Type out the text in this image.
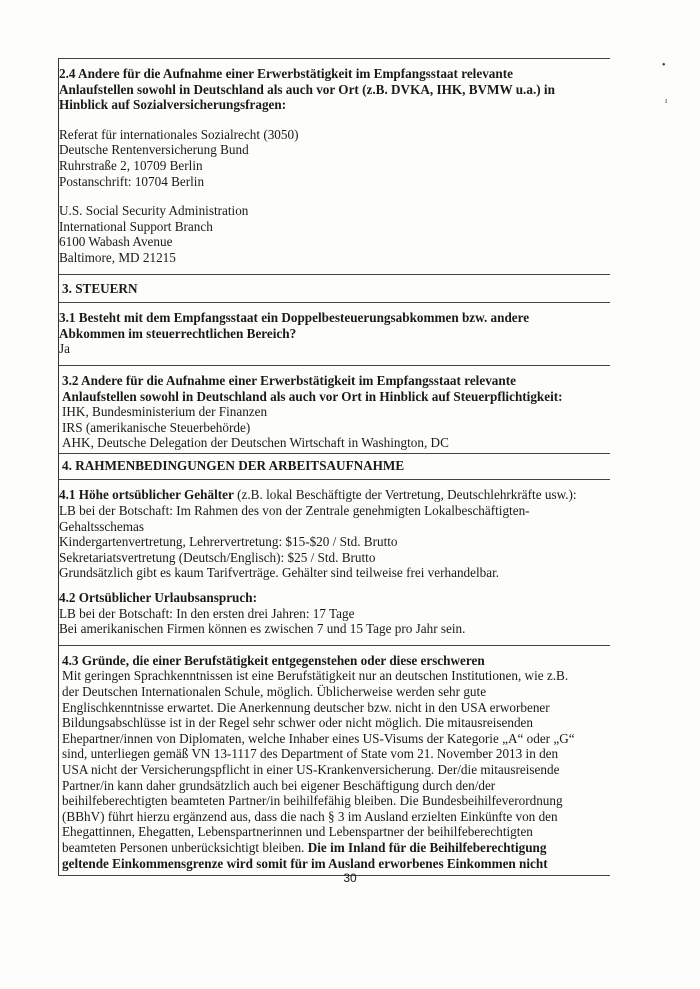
2.4 Andere für die Aufnahme einer Erwerbstätigkeit im Empfangsstaat relevante

Anlaufstellen sowohl in Deutschland als auch vor Ort (z.B. DVKA, IHK, BVMW u.a.) in

Hinblick auf Sozialversicherungsfragen:

Referat für internationales Sozialrecht (3050)

Deutsche Rentenversicherung Bund

Ruhrstraße 2, 10709 Berlin

Postanschrift: 10704 Berlin

U.S. Social Security Administration

International Support Branch

6100 Wabash Avenue

Baltimore, MD 21215

3. STEUERN

3.1 Besteht mit dem Empfangsstaat ein Doppelbesteuerungsabkommen bzw. andere

Abkommen im steuerrechtlichen Bereich?

Ja

3.2 Andere für die Aufnahme einer Erwerbstätigkeit im Empfangsstaat relevante

Anlaufstellen sowohl in Deutschland als auch vor Ort in Hinblick auf Steuerpflichtigkeit:

IHK, Bundesministerium der Finanzen

IRS (amerikanische Steuerbehörde)

AHK, Deutsche Delegation der Deutschen Wirtschaft in Washington, DC

4. RAHMENBEDINGUNGEN DER ARBEITSAUFNAHME

4.1 Höhe ortsüblicher Gehälter (z.B. lokal Beschäftigte der Vertretung, Deutschlehrkräfte usw.):

LB bei der Botschaft: Im Rahmen des von der Zentrale genehmigten Lokalbeschäftigten-

Gehaltsschemas

Kindergartenvertretung, Lehrervertretung: $15-$20 / Std. Brutto

Sekretariatsvertretung (Deutsch/Englisch): $25 / Std. Brutto

Grundsätzlich gibt es kaum Tarifverträge. Gehälter sind teilweise frei verhandelbar.

4.2 Ortsüblicher Urlaubsanspruch:

LB bei der Botschaft: In den ersten drei Jahren: 17 Tage

Bei amerikanischen Firmen können es zwischen 7 und 15 Tage pro Jahr sein.

4.3 Gründe, die einer Berufstätigkeit entgegenstehen oder diese erschweren

Mit geringen Sprachkenntnissen ist eine Berufstätigkeit nur an deutschen Institutionen, wie z.B.

der Deutschen Internationalen Schule, möglich. Üblicherweise werden sehr gute

Englischkenntnisse erwartet. Die Anerkennung deutscher bzw. nicht in den USA erworbener

Bildungsabschlüsse ist in der Regel sehr schwer oder nicht möglich. Die mitausreisenden

Ehepartner/innen von Diplomaten, welche Inhaber eines US-Visums der Kategorie „A“ oder „G“

sind, unterliegen gemäß VN 13-1117 des Department of State vom 21. November 2013 in den

USA nicht der Versicherungspflicht in einer US-Krankenversicherung. Der/die mitausreisende

Partner/in kann daher grundsätzlich auch bei eigener Beschäftigung durch den/der

beihilfeberechtigten beamteten Partner/in beihilfefähig bleiben. Die Bundesbeihilfeverordnung

(BBhV) führt hierzu ergänzend aus, dass die nach § 3 im Ausland erzielten Einkünfte von den

Ehegattinnen, Ehegatten, Lebenspartnerinnen und Lebenspartner der beihilfeberechtigten

beamteten Personen unberücksichtigt bleiben. Die im Inland für die Beihilfeberechtigung

geltende Einkommensgrenze wird somit für im Ausland erworbenes Einkommen nicht

•
ı
30
